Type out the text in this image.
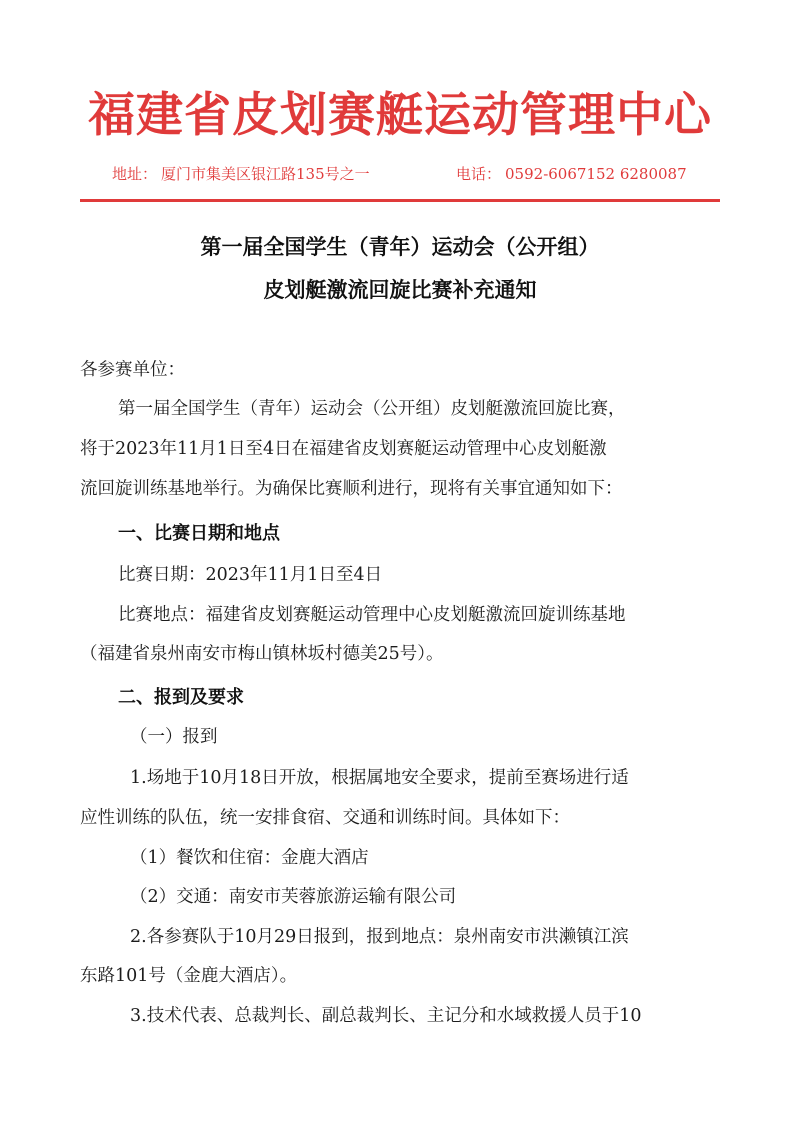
福建省皮划赛艇运动管理中心
地址： 厦门市集美区银江路135号之一	电话： 0592-6067152 6280087
第一届全国学生（青年）运动会（公开组）
皮划艇激流回旋比赛补充通知
各参赛单位：
第一届全国学生（青年）运动会（公开组）皮划艇激流回旋比赛，
将于2023年11月1日至4日在福建省皮划赛艇运动管理中心皮划艇激
流回旋训练基地举行。为确保比赛顺利进行，现将有关事宜通知如下：
一、比赛日期和地点
比赛日期：2023年11月1日至4日
比赛地点：福建省皮划赛艇运动管理中心皮划艇激流回旋训练基地
（福建省泉州南安市梅山镇林坂村德美25号）。
二、报到及要求
（一）报到
1.场地于10月18日开放，根据属地安全要求，提前至赛场进行适
应性训练的队伍，统一安排食宿、交通和训练时间。具体如下：
（1）餐饮和住宿：金鹿大酒店
（2）交通：南安市芙蓉旅游运输有限公司
2.各参赛队于10月29日报到，报到地点：泉州南安市洪濑镇江滨
东路101号（金鹿大酒店）。
3.技术代表、总裁判长、副总裁判长、主记分和水域救援人员于10
